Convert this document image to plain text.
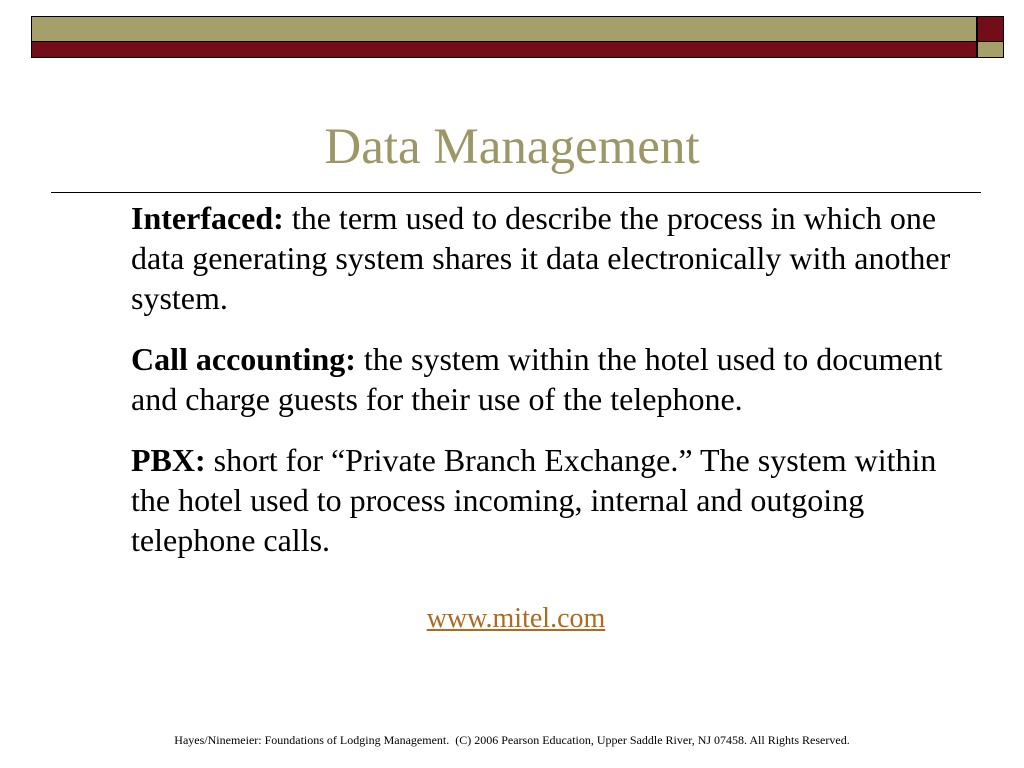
Data Management

Interfaced: the term used to describe the process in which one data generating system shares it data electronically with another system.

Call accounting: the system within the hotel used to document and charge guests for their use of the telephone.

PBX: short for “Private Branch Exchange.” The system within the hotel used to process incoming, internal and outgoing telephone calls.

www.mitel.com
Hayes/Ninemeier: Foundations of Lodging Management.  (C) 2006 Pearson Education, Upper Saddle River, NJ 07458. All Rights Reserved.
